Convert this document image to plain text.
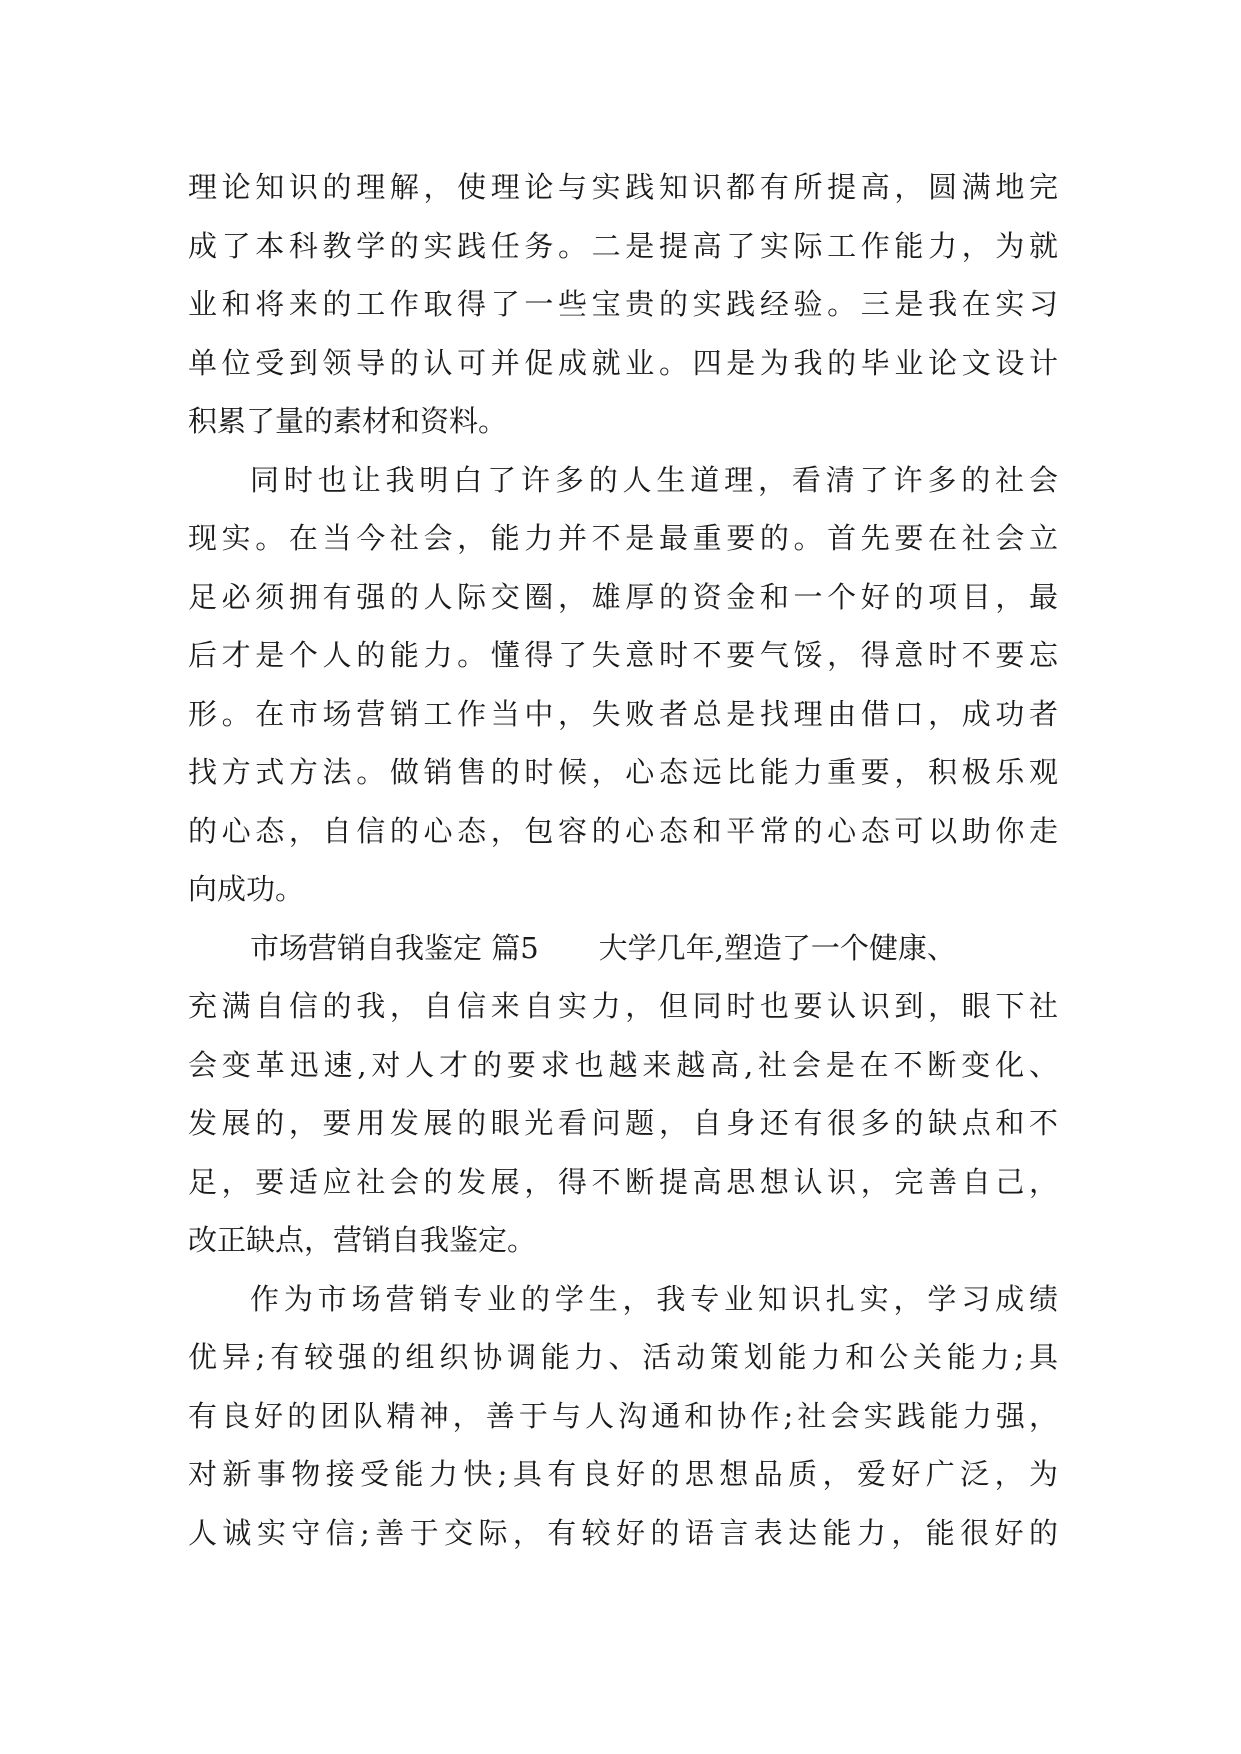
理论知识的理解，使理论与实践知识都有所提高，圆满地完
成了本科教学的实践任务。二是提高了实际工作能力，为就
业和将来的工作取得了一些宝贵的实践经验。三是我在实习
单位受到领导的认可并促成就业。四是为我的毕业论文设计
积累了量的素材和资料。
同时也让我明白了许多的人生道理，看清了许多的社会
现实。在当今社会，能力并不是最重要的。首先要在社会立
足必须拥有强的人际交圈，雄厚的资金和一个好的项目，最
后才是个人的能力。懂得了失意时不要气馁，得意时不要忘
形。在市场营销工作当中，失败者总是找理由借口，成功者
找方式方法。做销售的时候，心态远比能力重要，积极乐观
的心态，自信的心态，包容的心态和平常的心态可以助你走
向成功。
市场营销自我鉴定 篇5 大学几年,塑造了一个健康、
充满自信的我，自信来自实力，但同时也要认识到，眼下社
会变革迅速,对人才的要求也越来越高,社会是在不断变化、
发展的，要用发展的眼光看问题，自身还有很多的缺点和不
足，要适应社会的发展，得不断提高思想认识，完善自己，
改正缺点，营销自我鉴定。
作为市场营销专业的学生，我专业知识扎实，学习成绩
优异;有较强的组织协调能力、活动策划能力和公关能力;具
有良好的团队精神，善于与人沟通和协作;社会实践能力强，
对新事物接受能力快;具有良好的思想品质，爱好广泛，为
人诚实守信;善于交际，有较好的语言表达能力，能很好的
